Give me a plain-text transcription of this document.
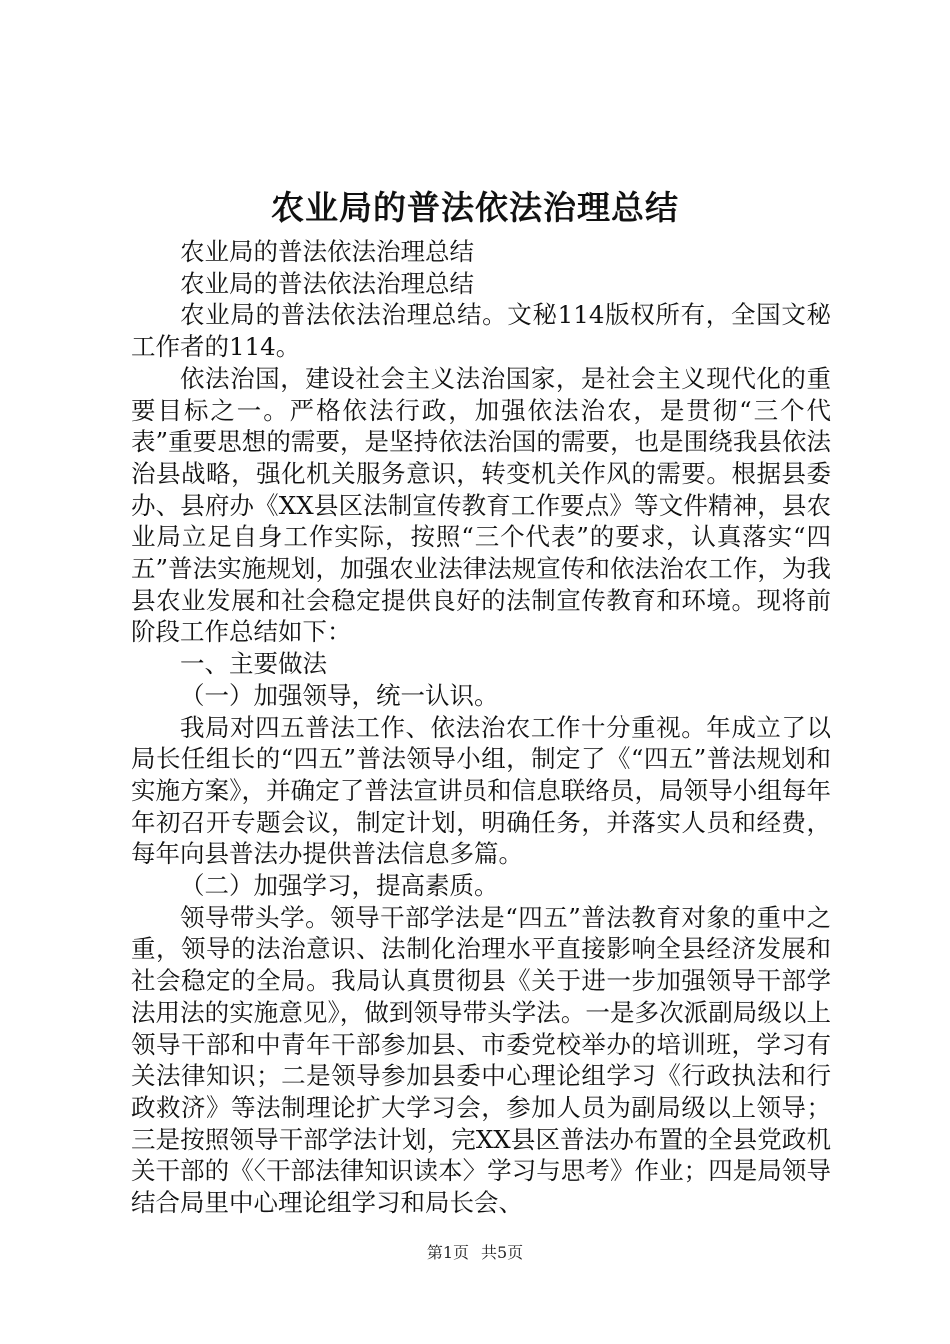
农业局的普法依法治理总结

农业局的普法依法治理总结

农业局的普法依法治理总结

农业局的普法依法治理总结。文秘114版权所有，全国文秘工作者的114。

依法治国，建设社会主义法治国家，是社会主义现代化的重要目标之一。严格依法行政，加强依法治农，是贯彻“三个代表”重要思想的需要，是坚持依法治国的需要，也是围绕我县依法治县战略，强化机关服务意识，转变机关作风的需要。根据县委办、县府办《XX县区法制宣传教育工作要点》等文件精神，县农业局立足自身工作实际，按照“三个代表”的要求，认真落实“四五”普法实施规划，加强农业法律法规宣传和依法治农工作，为我县农业发展和社会稳定提供良好的法制宣传教育和环境。现将前阶段工作总结如下：

一、主要做法

（一）加强领导，统一认识。

我局对四五普法工作、依法治农工作十分重视。年成立了以局长任组长的“四五”普法领导小组，制定了《“四五”普法规划和实施方案》，并确定了普法宣讲员和信息联络员，局领导小组每年年初召开专题会议，制定计划，明确任务，并落实人员和经费，每年向县普法办提供普法信息多篇。

（二）加强学习，提高素质。

领导带头学。领导干部学法是“四五”普法教育对象的重中之重，领导的法治意识、法制化治理水平直接影响全县经济发展和社会稳定的全局。我局认真贯彻县《关于进一步加强领导干部学法用法的实施意见》，做到领导带头学法。一是多次派副局级以上领导干部和中青年干部参加县、市委党校举办的培训班，学习有关法律知识；二是领导参加县委中心理论组学习《行政执法和行政救济》等法制理论扩大学习会，参加人员为副局级以上领导；三是按照领导干部学法计划，完XX县区普法办布置的全县党政机关干部的《〈干部法律知识读本〉学习与思考》作业；四是局领导结合局里中心理论组学习和局长会、

第1页 共5页
